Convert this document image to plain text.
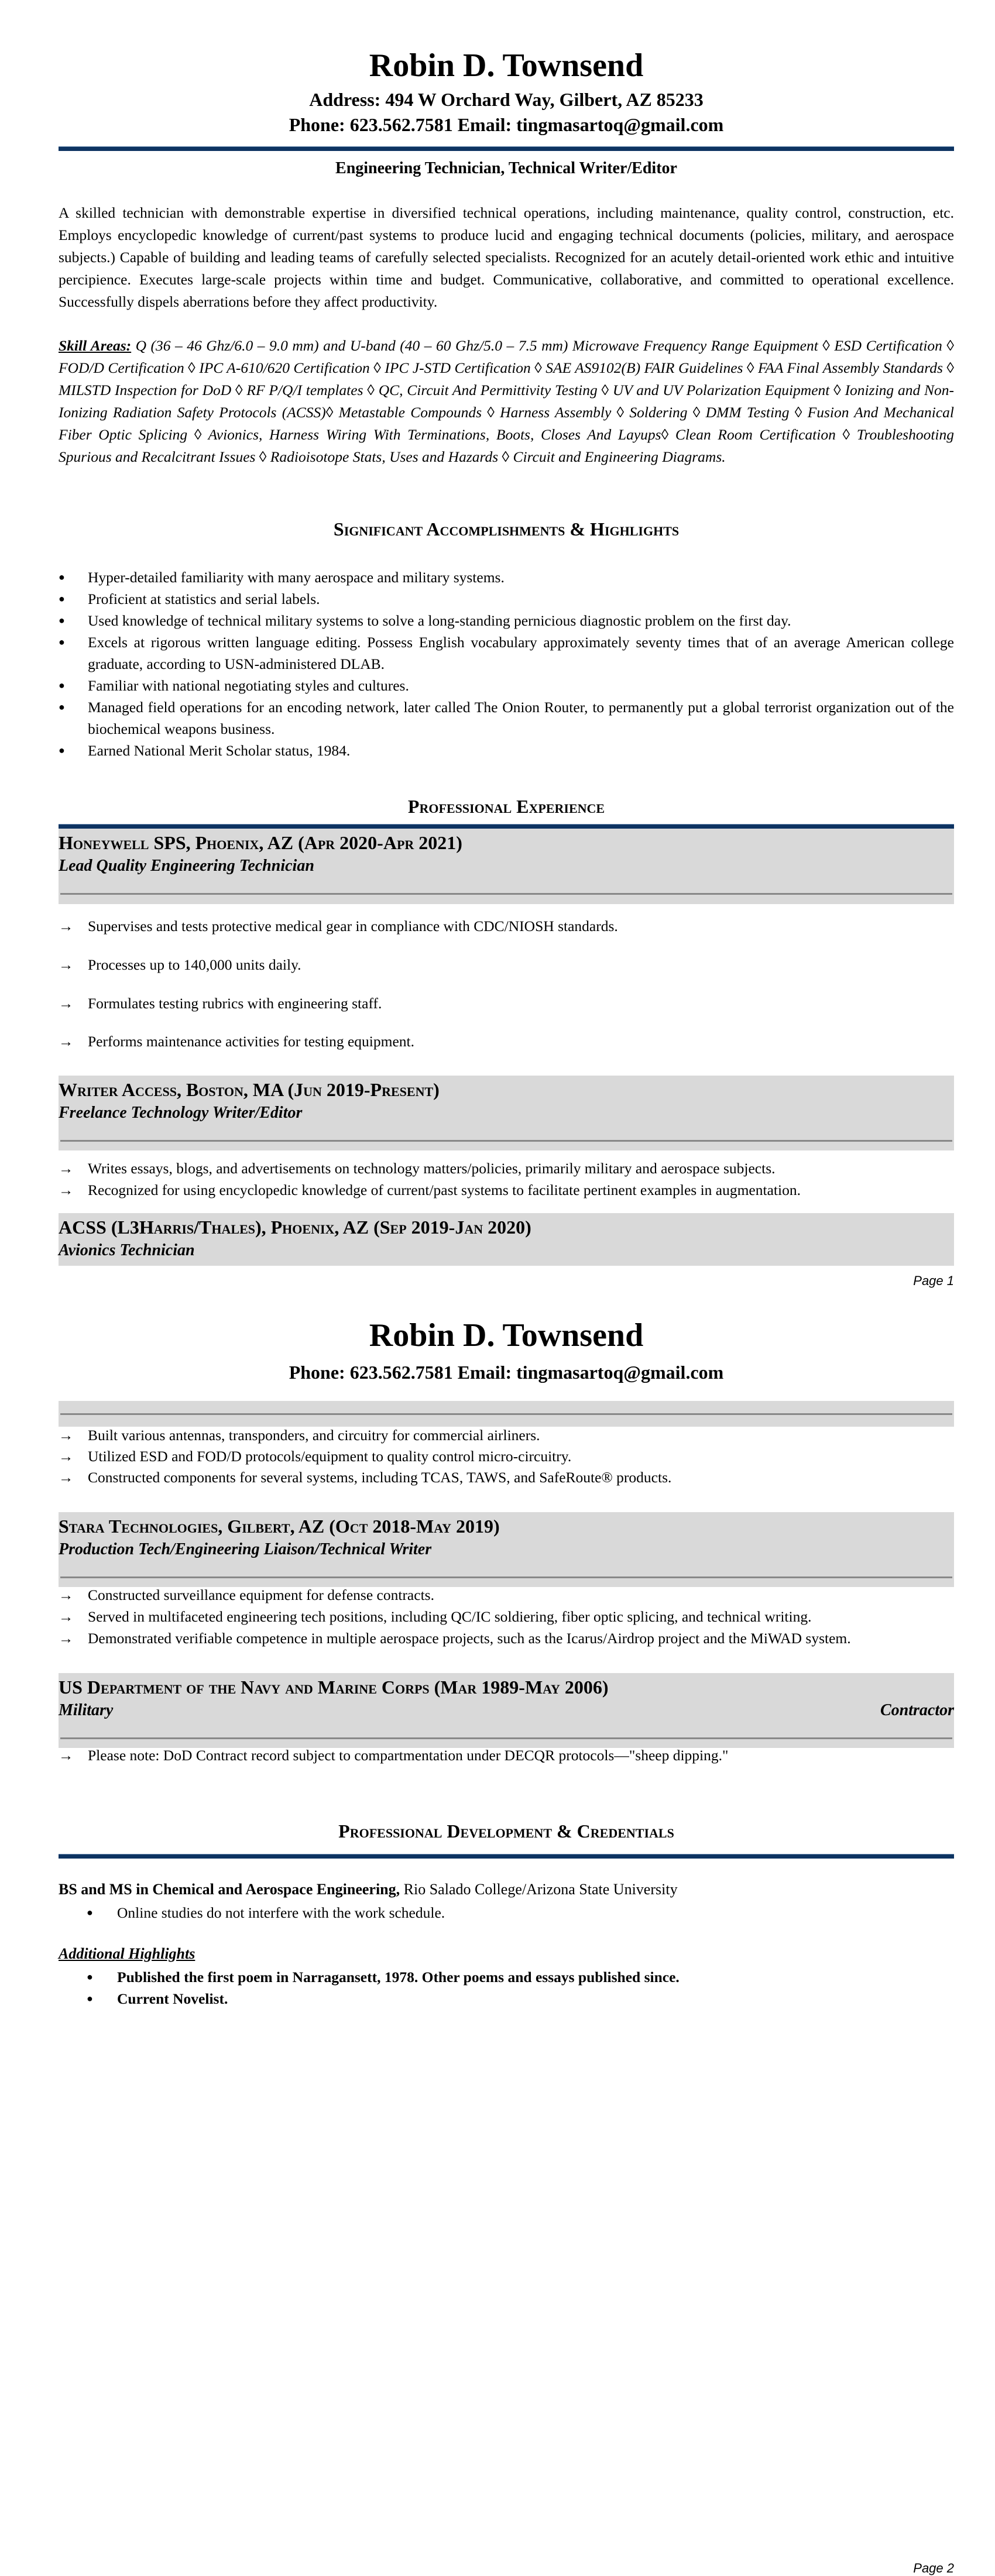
Robin D. Townsend
Address: 494 W Orchard Way, Gilbert, AZ 85233
Phone: 623.562.7581 Email: tingmasartoq@gmail.com
Engineering Technician, Technical Writer/Editor
A skilled technician with demonstrable expertise in diversified technical operations, including maintenance, quality control, construction, etc. Employs encyclopedic knowledge of current/past systems to produce lucid and engaging technical documents (policies, military, and aerospace subjects.) Capable of building and leading teams of carefully selected specialists. Recognized for an acutely detail-oriented work ethic and intuitive percipience. Executes large-scale projects within time and budget. Communicative, collaborative, and committed to operational excellence. Successfully dispels aberrations before they affect productivity.
Skill Areas: Q (36 – 46 Ghz/6.0 – 9.0 mm) and U-band (40 – 60 Ghz/5.0 – 7.5 mm) Microwave Frequency Range Equipment ◊ ESD Certification ◊ FOD/D Certification ◊ IPC A-610/620 Certification ◊ IPC J-STD Certification ◊ SAE AS9102(B) FAIR Guidelines ◊ FAA Final Assembly Standards ◊ MILSTD Inspection for DoD ◊ RF P/Q/I templates ◊ QC, Circuit And Permittivity Testing ◊ UV and UV Polarization Equipment ◊ Ionizing and Non-Ionizing Radiation Safety Protocols (ACSS)◊ Metastable Compounds ◊ Harness Assembly ◊ Soldering ◊ DMM Testing ◊ Fusion And Mechanical Fiber Optic Splicing ◊ Avionics, Harness Wiring With Terminations, Boots, Closes And Layups◊ Clean Room Certification ◊ Troubleshooting Spurious and Recalcitrant Issues ◊ Radioisotope Stats, Uses and Hazards ◊ Circuit and Engineering Diagrams.
Significant Accomplishments & Highlights
● Hyper-detailed familiarity with many aerospace and military systems.
● Proficient at statistics and serial labels.
● Used knowledge of technical military systems to solve a long-standing pernicious diagnostic problem on the first day.
● Excels at rigorous written language editing. Possess English vocabulary approximately seventy times that of an average American college graduate, according to USN-administered DLAB.
● Familiar with national negotiating styles and cultures.
● Managed field operations for an encoding network, later called The Onion Router, to permanently put a global terrorist organization out of the biochemical weapons business.
● Earned National Merit Scholar status, 1984.
Professional Experience
Honeywell SPS, Phoenix, AZ (Apr 2020-Apr 2021)
Lead Quality Engineering Technician
→ Supervises and tests protective medical gear in compliance with CDC/NIOSH standards.
→ Processes up to 140,000 units daily.
→ Formulates testing rubrics with engineering staff.
→ Performs maintenance activities for testing equipment.
Writer Access, Boston, MA (Jun 2019-Present)
Freelance Technology Writer/Editor
→ Writes essays, blogs, and advertisements on technology matters/policies, primarily military and aerospace subjects.
→ Recognized for using encyclopedic knowledge of current/past systems to facilitate pertinent examples in augmentation.
ACSS (L3Harris/Thales), Phoenix, AZ (Sep 2019-Jan 2020)
Avionics Technician
Page 1
Robin D. Townsend
Phone: 623.562.7581 Email: tingmasartoq@gmail.com
→ Built various antennas, transponders, and circuitry for commercial airliners.
→ Utilized ESD and FOD/D protocols/equipment to quality control micro-circuitry.
→ Constructed components for several systems, including TCAS, TAWS, and SafeRoute® products.
Stara Technologies, Gilbert, AZ (Oct 2018-May 2019)
Production Tech/Engineering Liaison/Technical Writer
→ Constructed surveillance equipment for defense contracts.
→ Served in multifaceted engineering tech positions, including QC/IC soldiering, fiber optic splicing, and technical writing.
→ Demonstrated verifiable competence in multiple aerospace projects, such as the Icarus/Airdrop project and the MiWAD system.
US Department of the Navy and Marine Corps (Mar 1989-May 2006)
Military	Contractor
→ Please note: DoD Contract record subject to compartmentation under DECQR protocols—"sheep dipping."
Professional Development & Credentials
BS and MS in Chemical and Aerospace Engineering, Rio Salado College/Arizona State University
● Online studies do not interfere with the work schedule.
Additional Highlights
● Published the first poem in Narragansett, 1978. Other poems and essays published since.
● Current Novelist.
Page 2
